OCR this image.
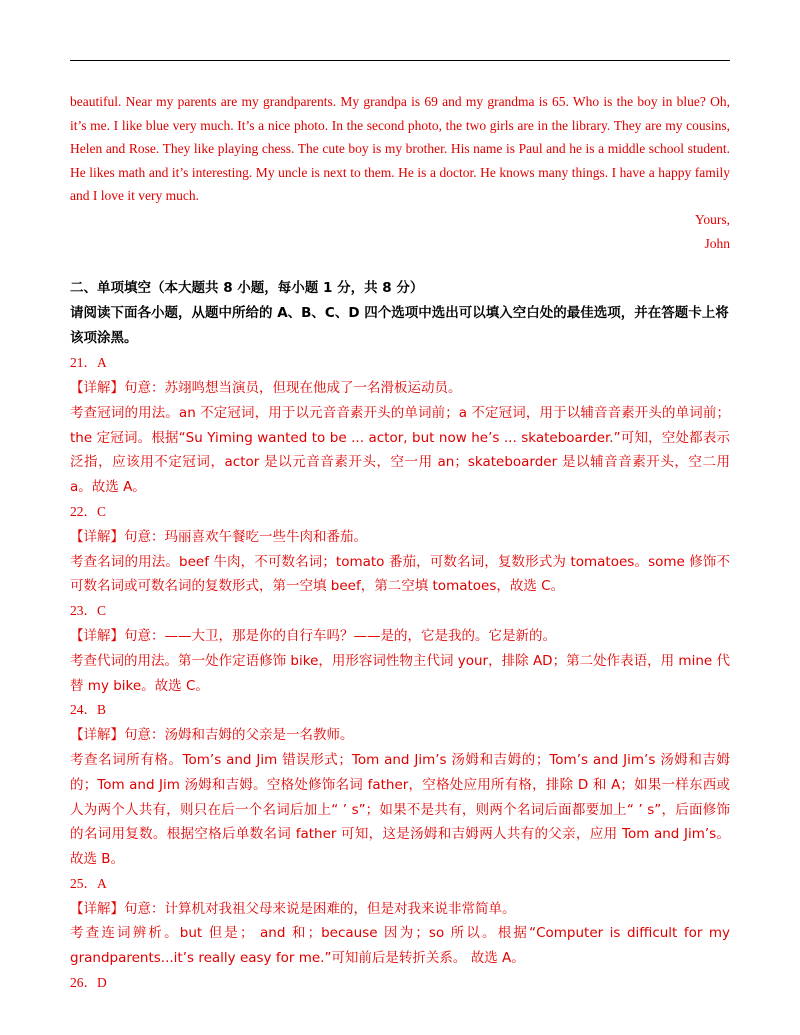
beautiful. Near my parents are my grandparents. My grandpa is 69 and my grandma is 65. Who is the boy in blue? Oh, it’s me. I like blue very much. It’s a nice photo. In the second photo, the two girls are in the library. They are my cousins, Helen and Rose. They like playing chess. The cute boy is my brother. His name is Paul and he is a middle school student. He likes math and it’s interesting. My uncle is next to them. He is a doctor. He knows many things. I have a happy family and I love it very much.

Yours,

John

二、单项填空（本大题共 8 小题，每小题 1 分，共 8 分）

请阅读下面各小题，从题中所给的 A、B、C、D 四个选项中选出可以填入空白处的最佳选项，并在答题卡上将该项涂黑。

21．A

【详解】句意：苏翊鸣想当演员，但现在他成了一名滑板运动员。

考查冠词的用法。an 不定冠词，用于以元音音素开头的单词前；a 不定冠词，用于以辅音音素开头的单词前；the 定冠词。根据“Su Yiming wanted to be ... actor, but now he’s ... skateboarder.”可知，空处都表示泛指，应该用不定冠词，actor 是以元音音素开头，空一用 an；skateboarder 是以辅音音素开头，空二用 a。故选 A。

22．C

【详解】句意：玛丽喜欢午餐吃一些牛肉和番茄。

考查名词的用法。beef 牛肉，不可数名词；tomato 番茄，可数名词，复数形式为 tomatoes。some 修饰不可数名词或可数名词的复数形式，第一空填 beef，第二空填 tomatoes，故选 C。

23．C

【详解】句意：——大卫，那是你的自行车吗？——是的，它是我的。它是新的。

考查代词的用法。第一处作定语修饰 bike，用形容词性物主代词 your，排除 AD；第二处作表语，用 mine 代替 my bike。故选 C。

24．B

【详解】句意：汤姆和吉姆的父亲是一名教师。

考查名词所有格。Tom’s and Jim 错误形式；Tom and Jim’s 汤姆和吉姆的；Tom’s and Jim’s 汤姆和吉姆的；Tom and Jim 汤姆和吉姆。空格处修饰名词 father，空格处应用所有格，排除 D 和 A；如果一样东西或人为两个人共有，则只在后一个名词后加上“ ’ s”；如果不是共有，则两个名词后面都要加上“ ’ s”，后面修饰的名词用复数。根据空格后单数名词 father 可知，这是汤姆和吉姆两人共有的父亲，应用 Tom and Jim’s。故选 B。

25．A

【详解】句意：计算机对我祖父母来说是困难的，但是对我来说非常简单。

考查连词辨析。but 但是； and 和；because 因为；so 所以。根据“Computer is difficult for my grandparents...it’s really easy for me.”可知前后是转折关系。 故选 A。

26．D
